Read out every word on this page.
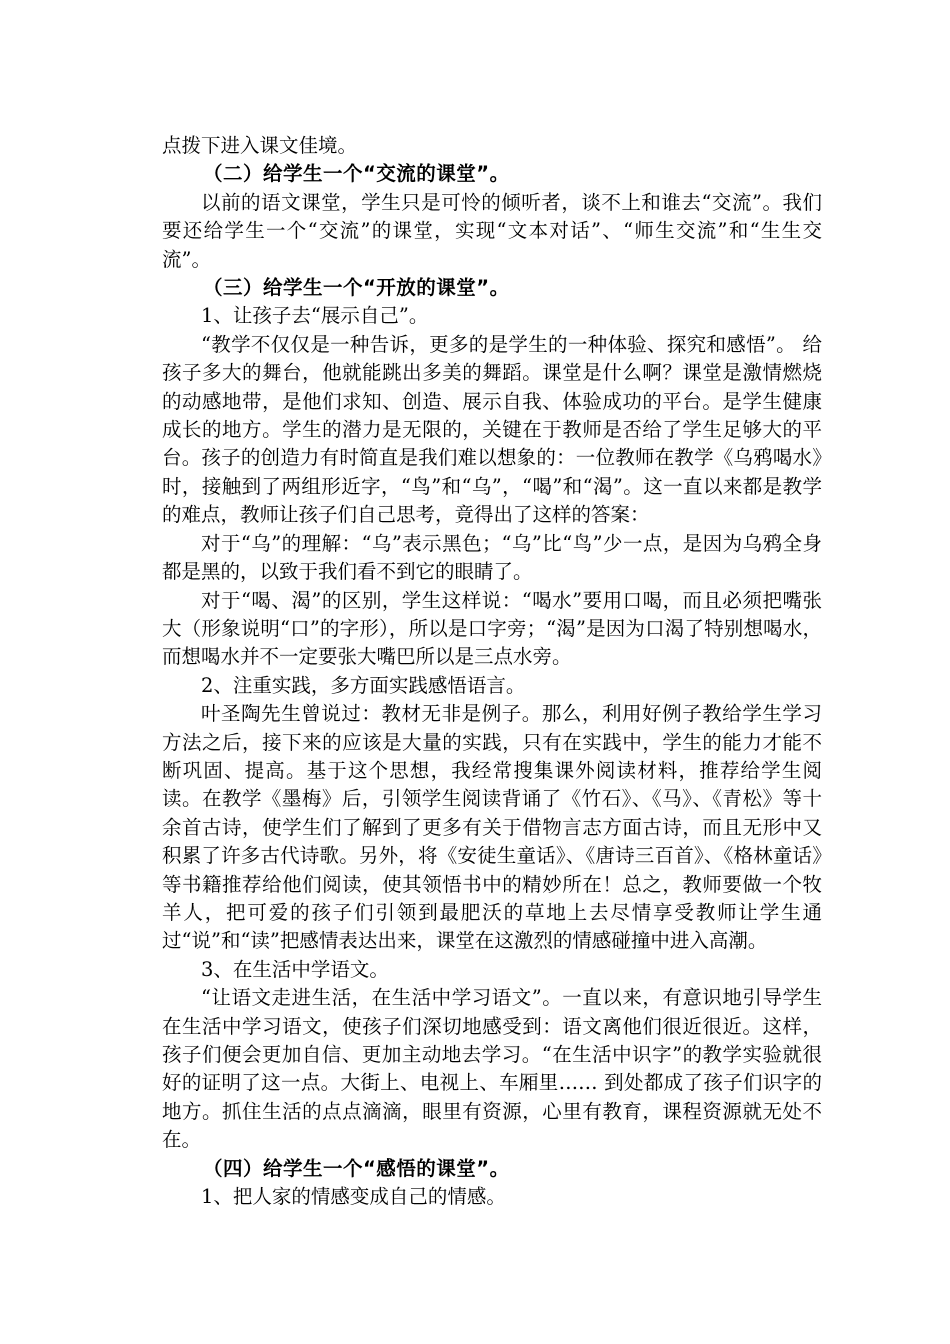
点拨下进入课文佳境。

（二）给学生一个“交流的课堂”。

以前的语文课堂，学生只是可怜的倾听者，谈不上和谁去“交流”。我们要还给学生一个“交流”的课堂，实现“文本对话”、“师生交流”和“生生交流”。

（三）给学生一个“开放的课堂”。

1、让孩子去“展示自己”。

“教学不仅仅是一种告诉，更多的是学生的一种体验、探究和感悟”。 给孩子多大的舞台，他就能跳出多美的舞蹈。课堂是什么啊？课堂是激情燃烧的动感地带，是他们求知、创造、展示自我、体验成功的平台。是学生健康成长的地方。学生的潜力是无限的，关键在于教师是否给了学生足够大的平台。孩子的创造力有时简直是我们难以想象的：一位教师在教学《乌鸦喝水》时，接触到了两组形近字，“鸟”和“乌”，“喝”和“渴”。这一直以来都是教学的难点，教师让孩子们自己思考，竟得出了这样的答案：

对于“乌”的理解：“乌”表示黑色；“乌”比“鸟”少一点，是因为乌鸦全身都是黑的，以致于我们看不到它的眼睛了。

对于“喝、渴”的区别，学生这样说：“喝水”要用口喝，而且必须把嘴张大（形象说明“口”的字形），所以是口字旁；“渴”是因为口渴了特别想喝水，而想喝水并不一定要张大嘴巴所以是三点水旁。

2、注重实践，多方面实践感悟语言。

叶圣陶先生曾说过：教材无非是例子。那么，利用好例子教给学生学习方法之后，接下来的应该是大量的实践，只有在实践中，学生的能力才能不断巩固、提高。基于这个思想，我经常搜集课外阅读材料，推荐给学生阅读。在教学《墨梅》后，引领学生阅读背诵了《竹石》、《马》、《青松》等十余首古诗，使学生们了解到了更多有关于借物言志方面古诗，而且无形中又积累了许多古代诗歌。另外，将《安徒生童话》、《唐诗三百首》、《格林童话》等书籍推荐给他们阅读，使其领悟书中的精妙所在！总之，教师要做一个牧羊人，把可爱的孩子们引领到最肥沃的草地上去尽情享受教师让学生通过“说”和“读”把感情表达出来，课堂在这激烈的情感碰撞中进入高潮。

3、在生活中学语文。

“让语文走进生活，在生活中学习语文”。一直以来，有意识地引导学生在生活中学习语文，使孩子们深切地感受到：语文离他们很近很近。这样，孩子们便会更加自信、更加主动地去学习。“在生活中识字”的教学实验就很好的证明了这一点。大街上、电视上、车厢里…… 到处都成了孩子们识字的地方。抓住生活的点点滴滴，眼里有资源，心里有教育，课程资源就无处不在。

（四）给学生一个“感悟的课堂”。

1、把人家的情感变成自己的情感。
